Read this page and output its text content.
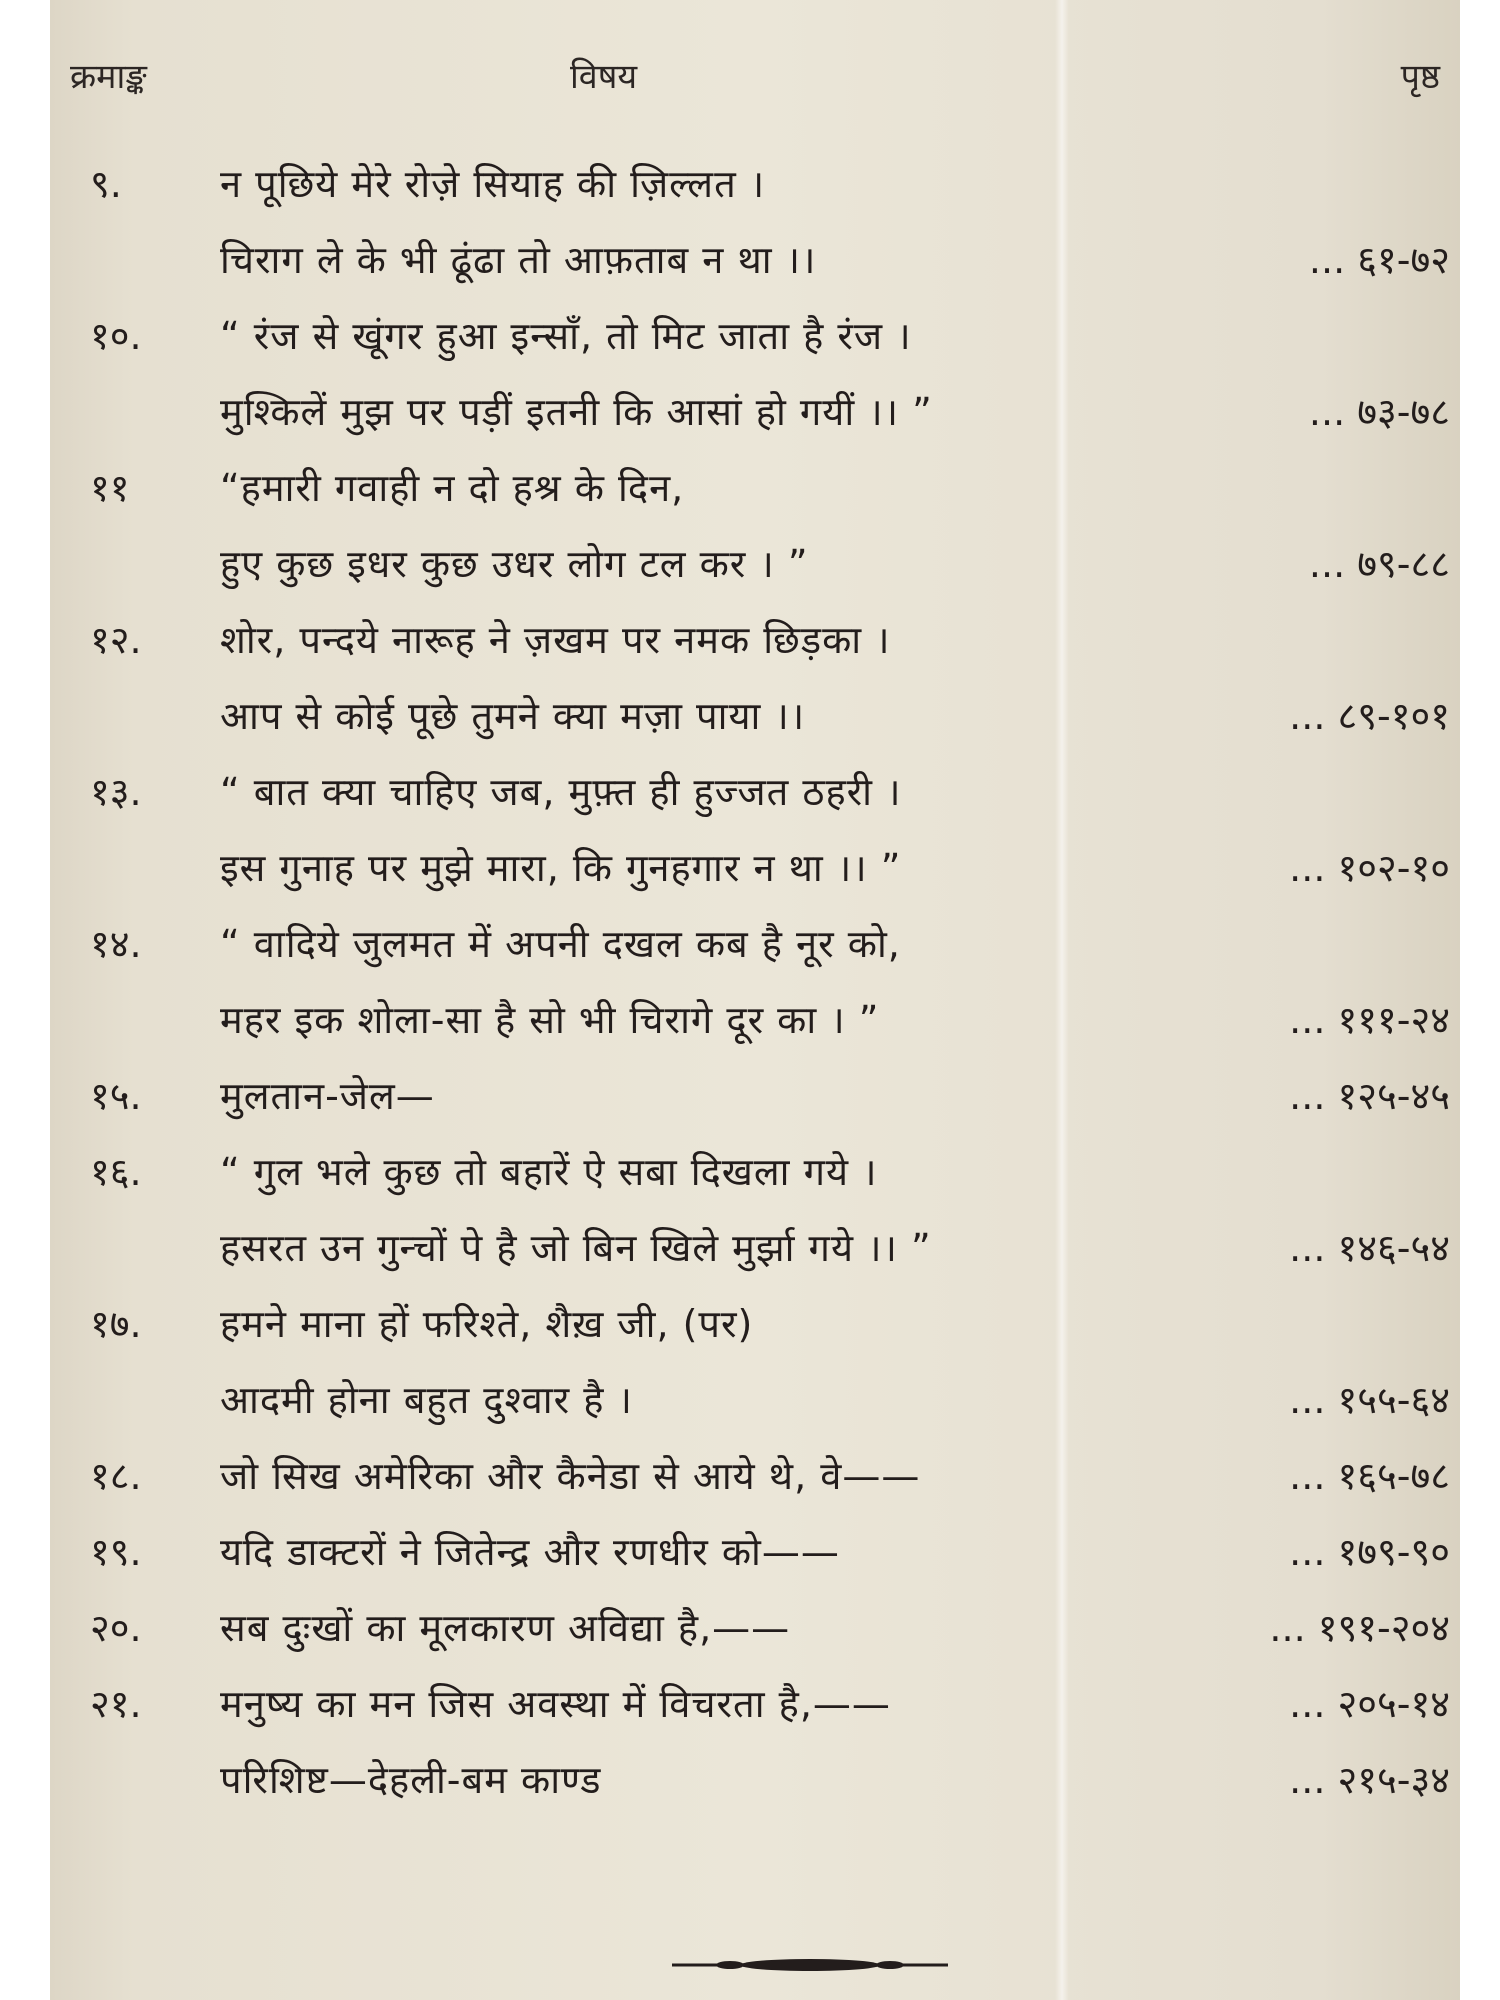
क्रमाङ्क	विषय	पृष्ठ
९.	न पूछिये मेरे रोज़े सियाह की ज़िल्लत ।
चिराग ले के भी ढूंढा तो आफ़ताब न था ।।	... ६१-७२
१०.	“ रंज से खूंगर हुआ इन्साँ, तो मिट जाता है रंज ।
मुश्किलें मुझ पर पड़ीं इतनी कि आसां हो गयीं ।। ”	... ७३-७८
११	“हमारी गवाही न दो हश्र के दिन,
हुए कुछ इधर कुछ उधर लोग टल कर । ”	... ७९-८८
१२.	शोर, पन्दये नारूह ने ज़खम पर नमक छिड़का ।
आप से कोई पूछे तुमने क्या मज़ा पाया ।।	... ८९-१०१
१३.	“ बात क्या चाहिए जब, मुफ़्त ही हुज्जत ठहरी ।
इस गुनाह पर मुझे मारा, कि गुनहगार न था ।। ”	... १०२-१०
१४.	“ वादिये जुलमत में अपनी दखल कब है नूर को,
महर इक शोला-सा है सो भी चिरागे दूर का । ”	... १११-२४
१५.	मुलतान-जेल—	... १२५-४५
१६.	“ गुल भले कुछ तो बहारें ऐ सबा दिखला गये ।
हसरत उन गुन्चों पे है जो बिन खिले मुर्झा गये ।। ”	... १४६-५४
१७.	हमने माना हों फरिश्ते, शैख़ जी, (पर)
आदमी होना बहुत दुश्वार है ।	... १५५-६४
१८.	जो सिख अमेरिका और कैनेडा से आये थे, वे——	... १६५-७८
१९.	यदि डाक्टरों ने जितेन्द्र और रणधीर को——	... १७९-९०
२०.	सब दुःखों का मूलकारण अविद्या है,——	... १९१-२०४
२१.	मनुष्य का मन जिस अवस्था में विचरता है,——	... २०५-१४
परिशिष्ट—देहली-बम काण्ड	... २१५-३४
